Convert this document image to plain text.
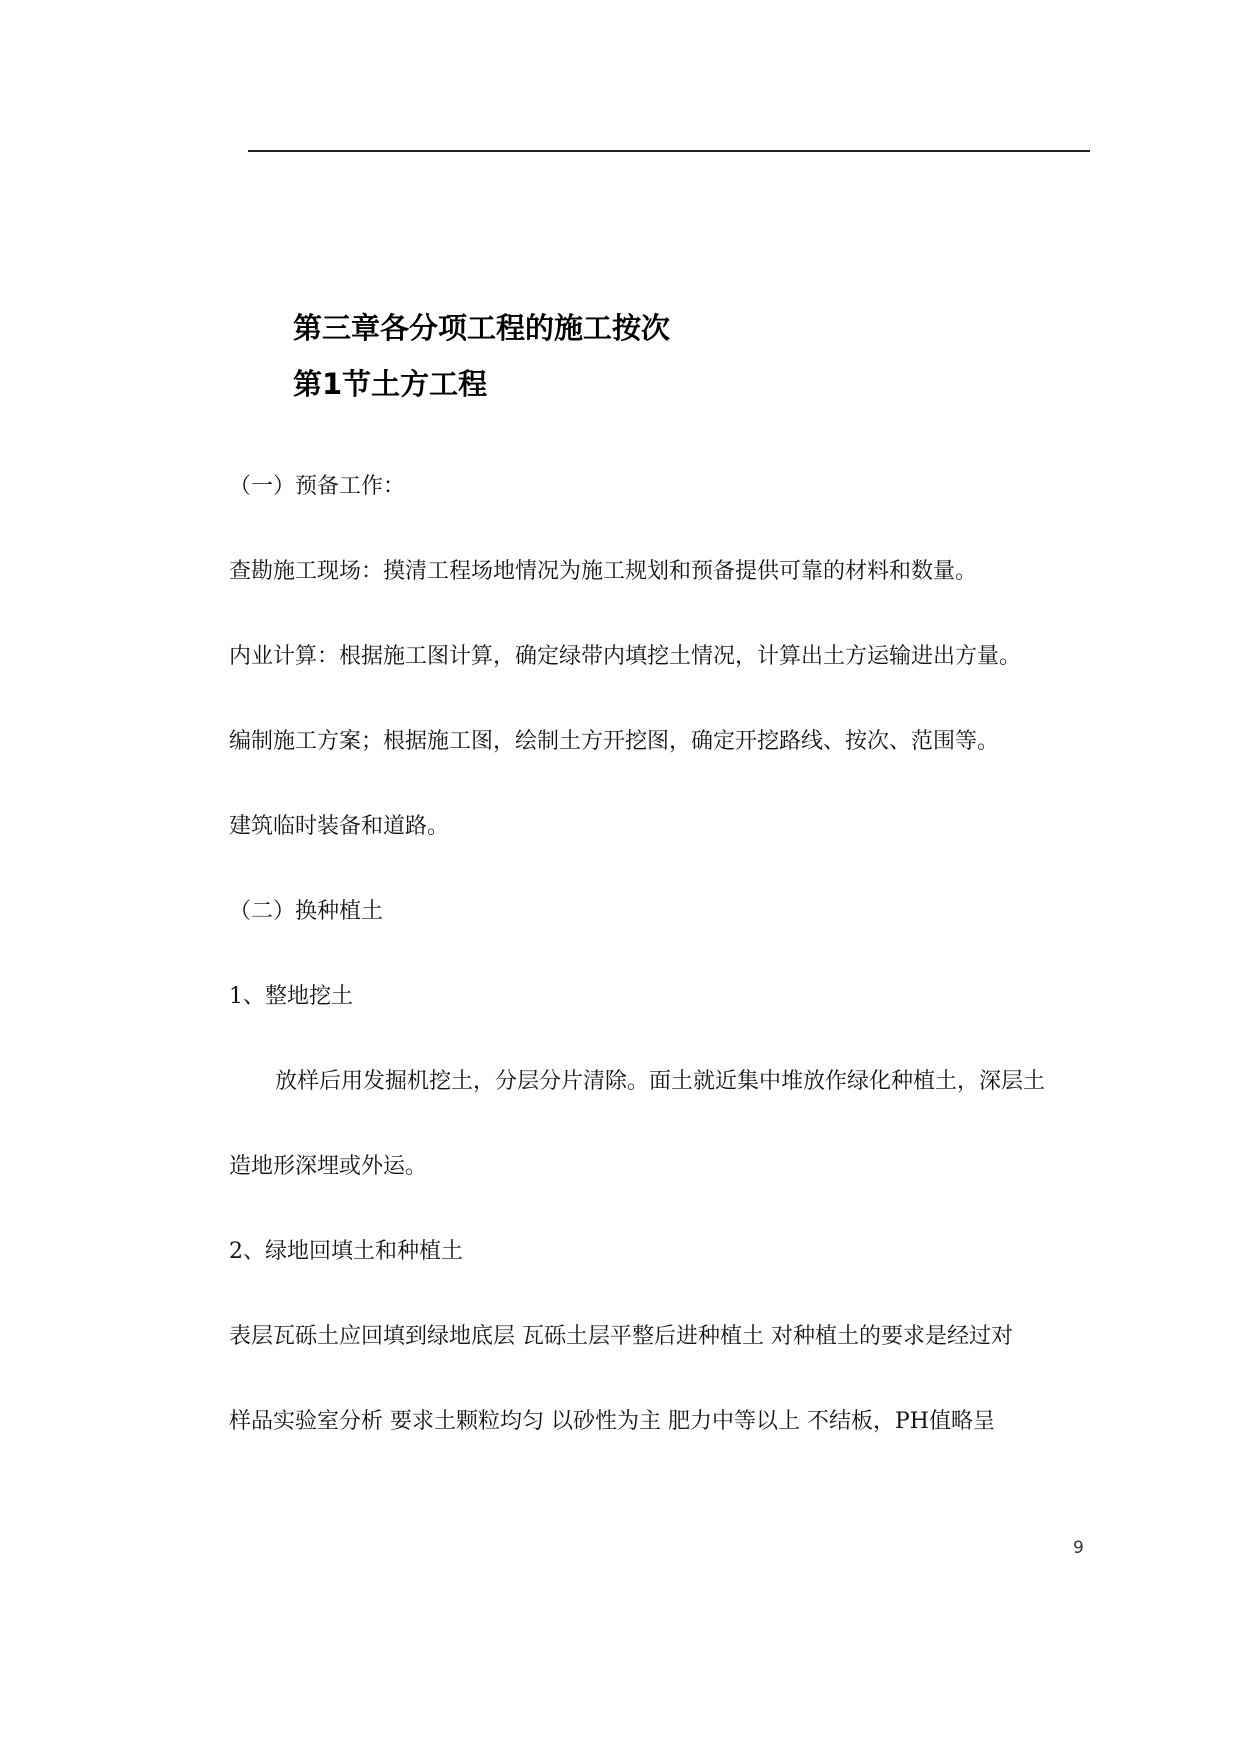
第三章各分项工程的施工按次
第1节土方工程
（一）预备工作：
查勘施工现场：摸清工程场地情况为施工规划和预备提供可靠的材料和数量。
内业计算：根据施工图计算，确定绿带内填挖土情况，计算出土方运输进出方量。
编制施工方案；根据施工图，绘制土方开挖图，确定开挖路线、按次、范围等。
建筑临时装备和道路。
（二）换种植土
1、整地挖土
放样后用发掘机挖土，分层分片清除。面土就近集中堆放作绿化种植土，深层土
造地形深埋或外运。
2、绿地回填土和种植土
表层瓦砾土应回填到绿地底层 瓦砾土层平整后进种植土 对种植土的要求是经过对
样品实验室分析 要求土颗粒均匀 以砂性为主 肥力中等以上 不结板，PH值略呈
9
